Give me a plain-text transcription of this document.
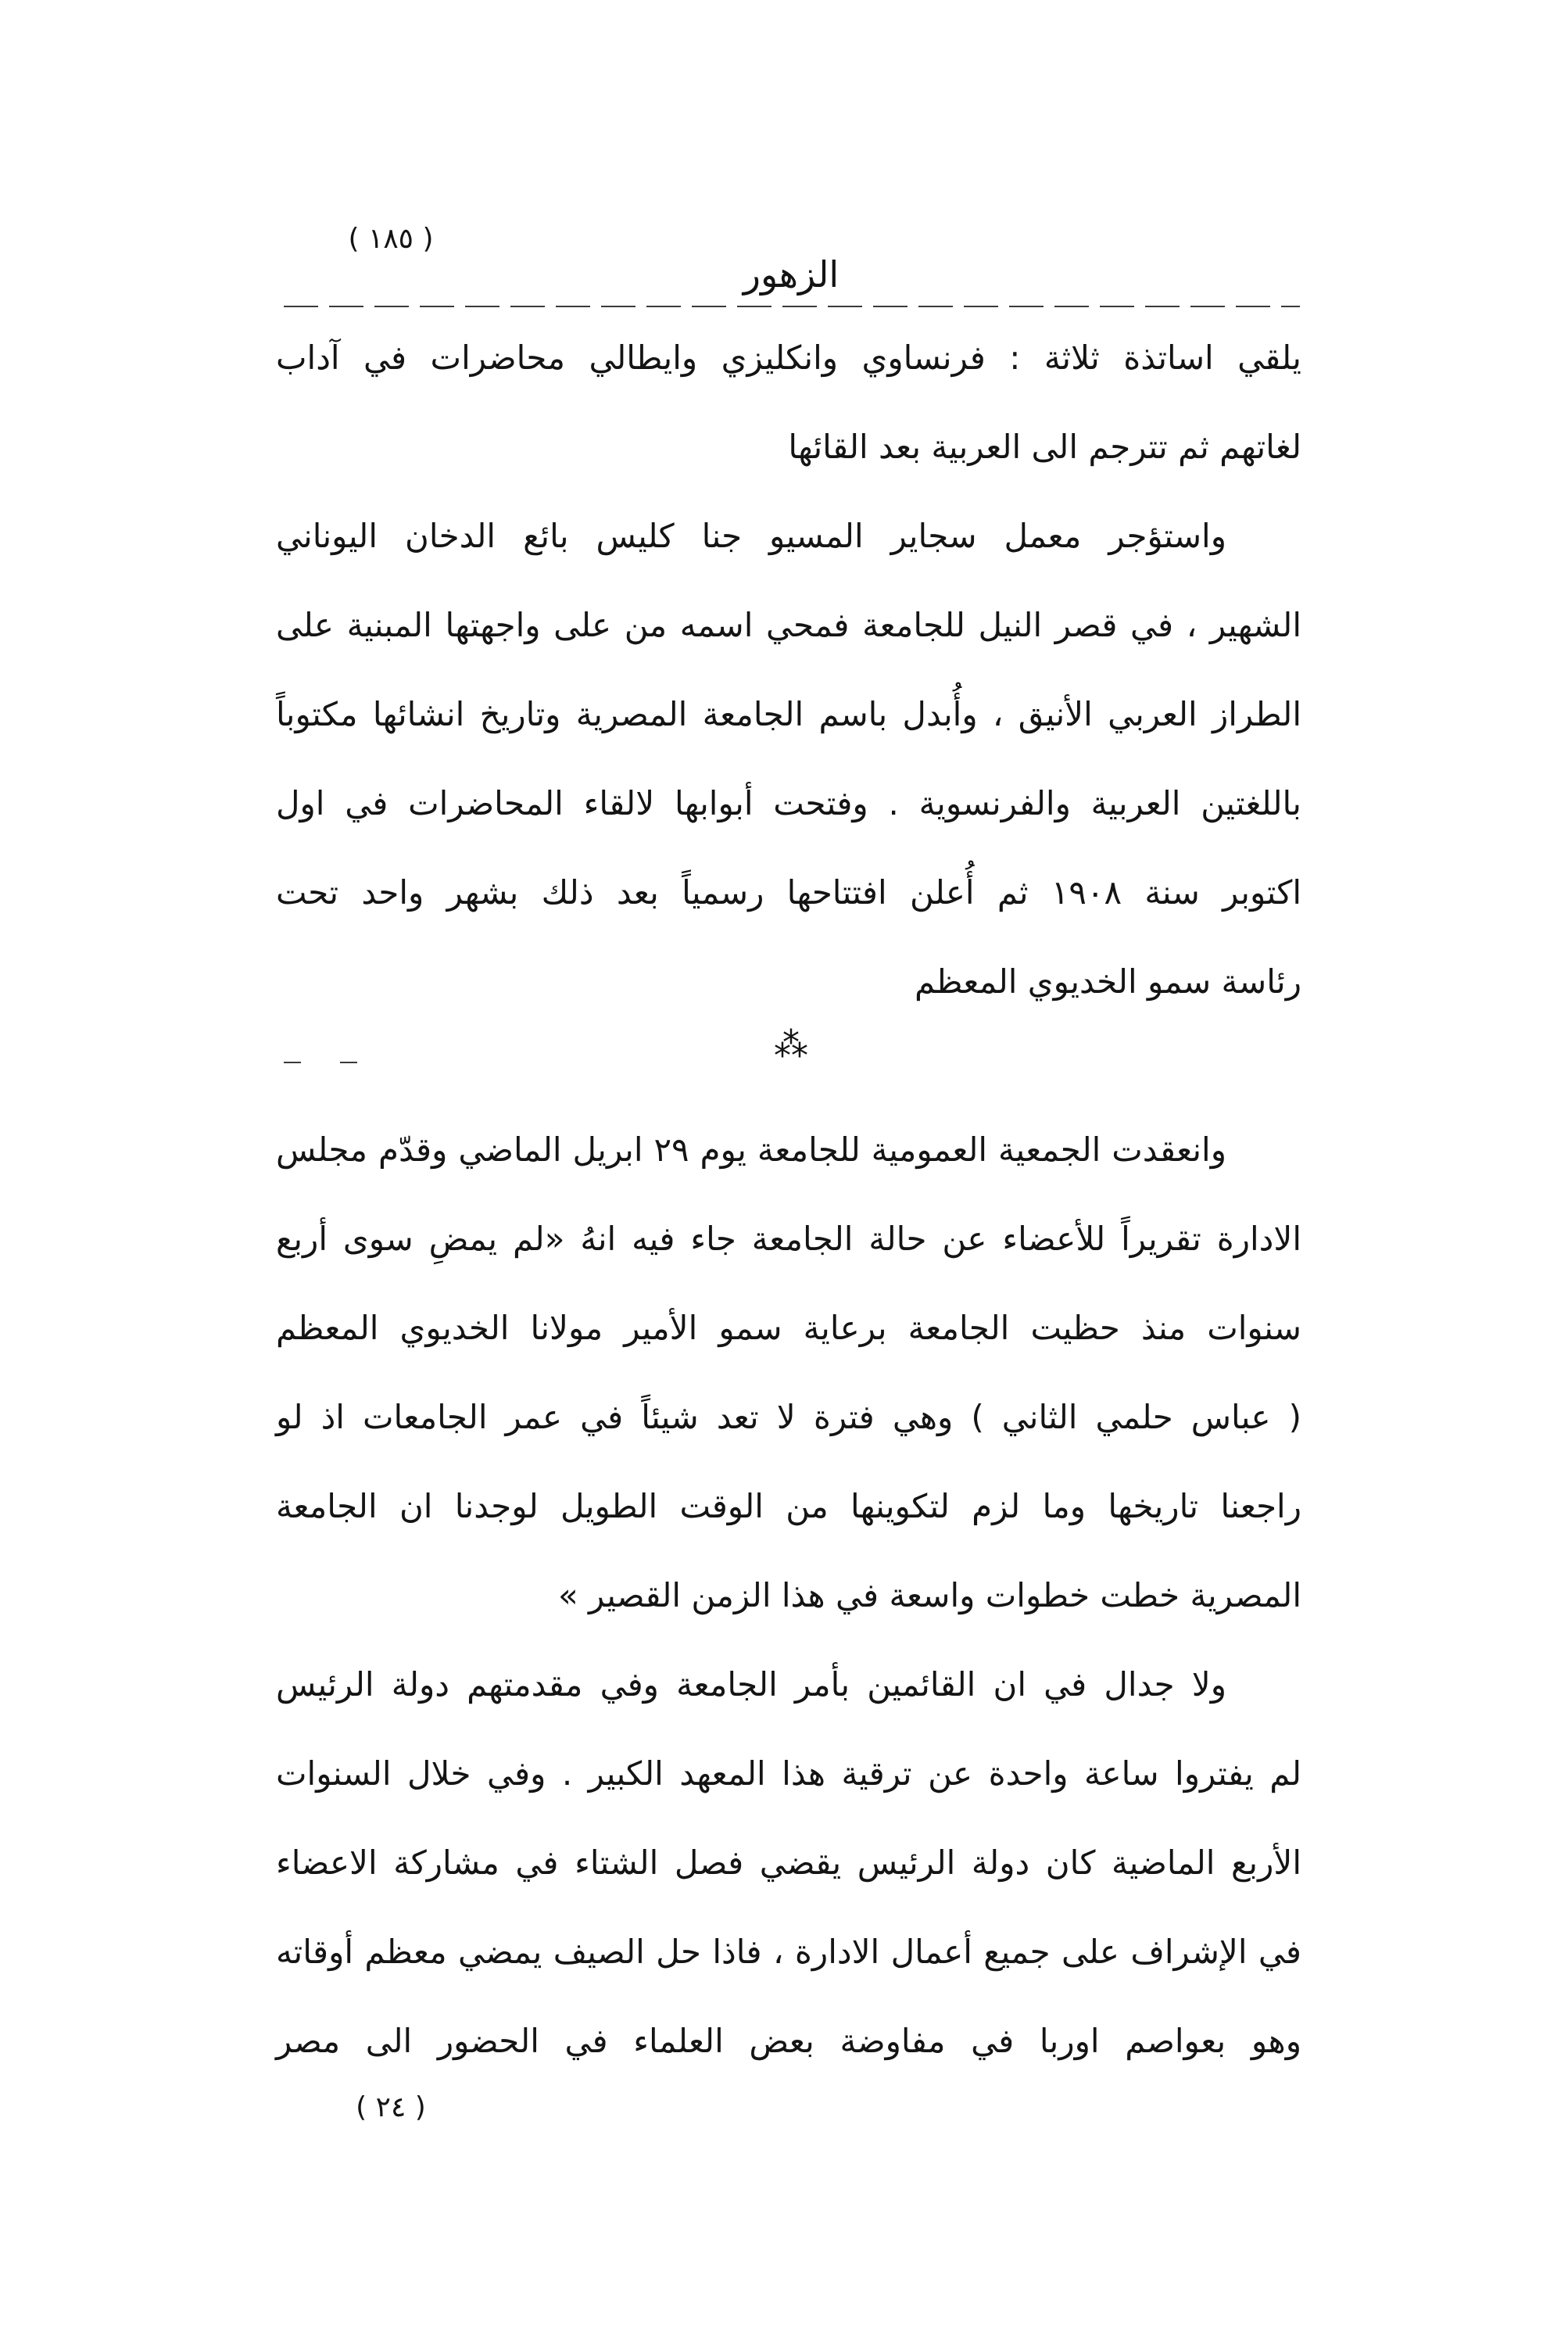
( ١٨٥ )
الزهور
يلقي اساتذة ثلاثة : فرنساوي وانكليزي وايطالي محاضرات في آداب
لغاتهم ثم تترجم الى العربية بعد القائها
واستؤجر معمل سجاير المسيو جنا كليس بائع الدخان اليوناني
الشهير ، في قصر النيل للجامعة فمحي اسمه من على واجهتها المبنية على
الطراز العربي الأنيق ، وأُبدل باسم الجامعة المصرية وتاريخ انشائها مكتوباً
باللغتين العربية والفرنسوية . وفتحت أبوابها لالقاء المحاضرات في اول
اكتوبر سنة ١٩٠٨ ثم أُعلن افتتاحها رسمياً بعد ذلك بشهر واحد تحت
رئاسة سمو الخديوي المعظم
⁂
وانعقدت الجمعية العمومية للجامعة يوم ٢٩ ابريل الماضي وقدّم مجلس
الادارة تقريراً للأعضاء عن حالة الجامعة جاء فيه انهُ «لم يمضِ سوى أربع
سنوات منذ حظيت الجامعة برعاية سمو الأمير مولانا الخديوي المعظم
( عباس حلمي الثاني ) وهي فترة لا تعد شيئاً في عمر الجامعات اذ لو
راجعنا تاريخها وما لزم لتكوينها من الوقت الطويل لوجدنا ان الجامعة
المصرية خطت خطوات واسعة في هذا الزمن القصير »
ولا جدال في ان القائمين بأمر الجامعة وفي مقدمتهم دولة الرئيس
لم يفتروا ساعة واحدة عن ترقية هذا المعهد الكبير . وفي خلال السنوات
الأربع الماضية كان دولة الرئيس يقضي فصل الشتاء في مشاركة الاعضاء
في الإشراف على جميع أعمال الادارة ، فاذا حل الصيف يمضي معظم أوقاته
وهو بعواصم اوربا في مفاوضة بعض العلماء في الحضور الى مصر
( ٢٤ )
